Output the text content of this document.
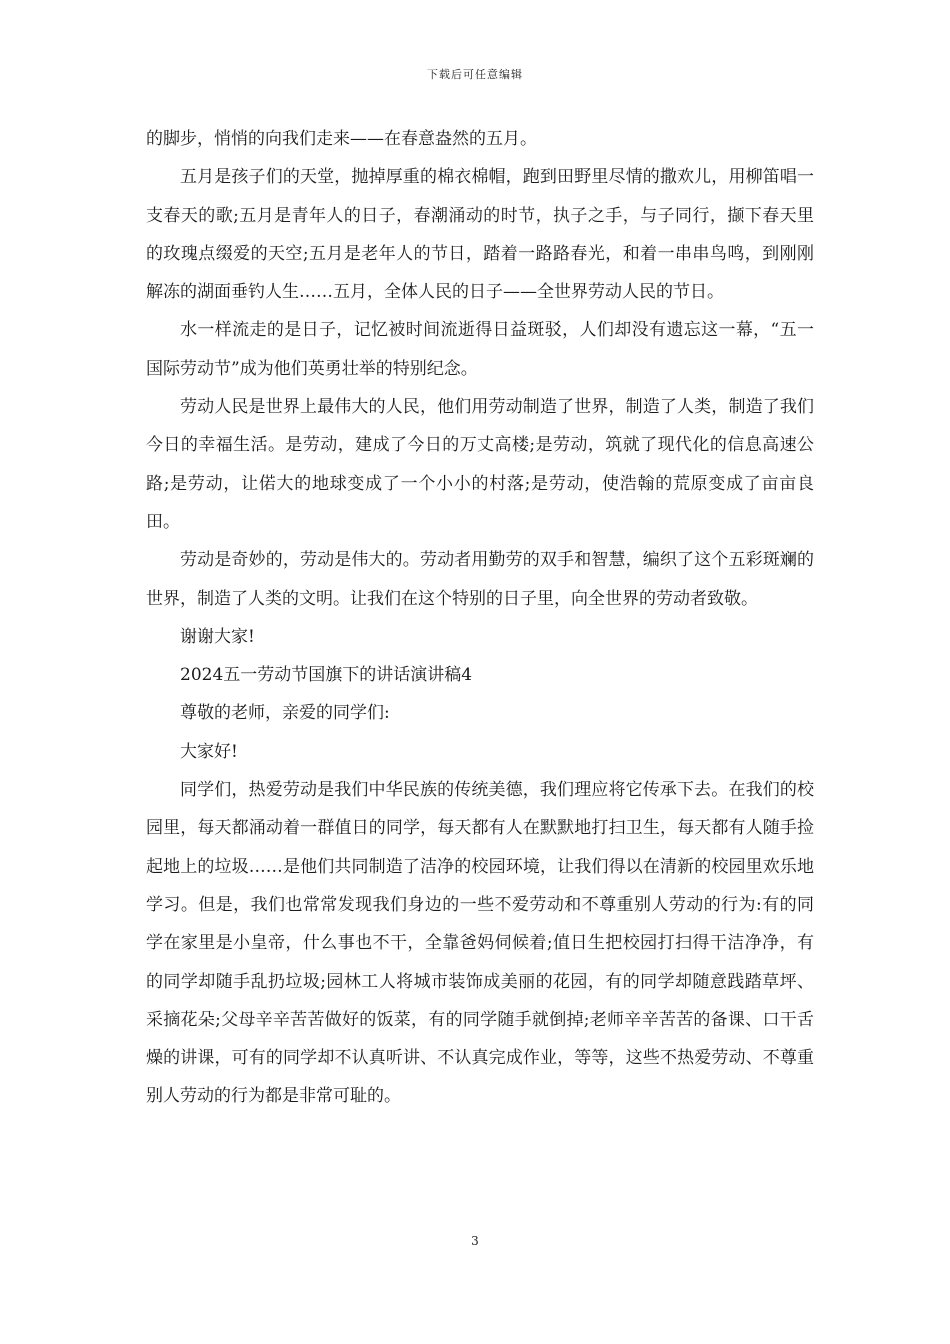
下载后可任意编辑

的脚步，悄悄的向我们走来——在春意盎然的五月。

五月是孩子们的天堂，抛掉厚重的棉衣棉帽，跑到田野里尽情的撒欢儿，用柳笛唱一支春天的歌;五月是青年人的日子，春潮涌动的时节，执子之手，与子同行，撷下春天里的玫瑰点缀爱的天空;五月是老年人的节日，踏着一路路春光，和着一串串鸟鸣，到刚刚解冻的湖面垂钓人生……五月，全体人民的日子——全世界劳动人民的节日。

水一样流走的是日子，记忆被时间流逝得日益斑驳，人们却没有遗忘这一幕，“五一国际劳动节”成为他们英勇壮举的特别纪念。

劳动人民是世界上最伟大的人民，他们用劳动制造了世界，制造了人类，制造了我们今日的幸福生活。是劳动，建成了今日的万丈高楼;是劳动，筑就了现代化的信息高速公路;是劳动，让偌大的地球变成了一个小小的村落;是劳动，使浩翰的荒原变成了亩亩良田。

劳动是奇妙的，劳动是伟大的。劳动者用勤劳的双手和智慧，编织了这个五彩斑斓的世界，制造了人类的文明。让我们在这个特别的日子里，向全世界的劳动者致敬。

谢谢大家!

2024五一劳动节国旗下的讲话演讲稿4

尊敬的老师，亲爱的同学们:

大家好!

同学们，热爱劳动是我们中华民族的传统美德，我们理应将它传承下去。在我们的校园里，每天都涌动着一群值日的同学，每天都有人在默默地打扫卫生，每天都有人随手捡起地上的垃圾……是他们共同制造了洁净的校园环境，让我们得以在清新的校园里欢乐地学习。但是，我们也常常发现我们身边的一些不爱劳动和不尊重别人劳动的行为:有的同学在家里是小皇帝，什么事也不干，全靠爸妈伺候着;值日生把校园打扫得干洁净净，有的同学却随手乱扔垃圾;园林工人将城市装饰成美丽的花园，有的同学却随意践踏草坪、采摘花朵;父母辛辛苦苦做好的饭菜，有的同学随手就倒掉;老师辛辛苦苦的备课、口干舌燥的讲课，可有的同学却不认真听讲、不认真完成作业，等等，这些不热爱劳动、不尊重别人劳动的行为都是非常可耻的。

3
